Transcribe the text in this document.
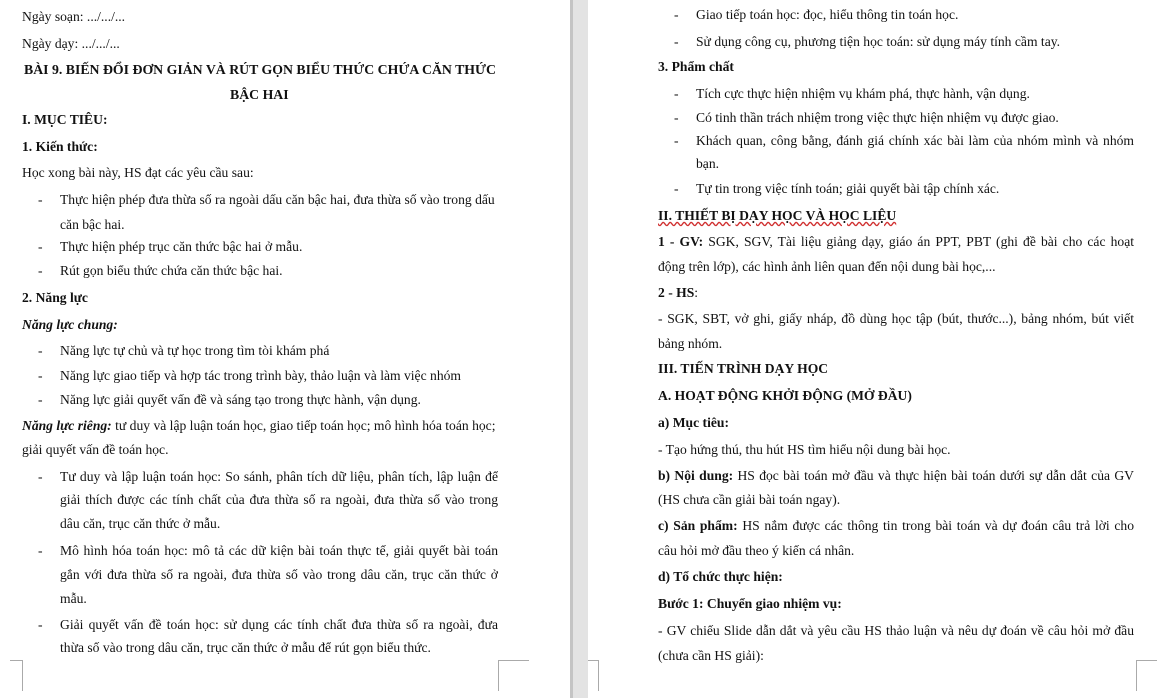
Ngày soạn: .../.../...
Ngày dạy: .../.../...
BÀI 9. BIẾN ĐỔI ĐƠN GIẢN VÀ RÚT GỌN BIỂU THỨC CHỨA CĂN THỨC
BẬC HAI
I. MỤC TIÊU:
1. Kiến thức:
Học xong bài này, HS đạt các yêu cầu sau:
- Thực hiện phép đưa thừa số ra ngoài dấu căn bậc hai, đưa thừa số vào trong dấu
căn bậc hai.
- Thực hiện phép trục căn thức bậc hai ở mẫu.
- Rút gọn biểu thức chứa căn thức bậc hai.
2. Năng lực
Năng lực chung:
- Năng lực tự chủ và tự học trong tìm tòi khám phá
- Năng lực giao tiếp và hợp tác trong trình bày, thảo luận và làm việc nhóm
- Năng lực giải quyết vấn đề và sáng tạo trong thực hành, vận dụng.
Năng lực riêng: tư duy và lập luận toán học, giao tiếp toán học; mô hình hóa toán học;
giải quyết vấn đề toán học.
- Tư duy và lập luận toán học: So sánh, phân tích dữ liệu, phân tích, lập luận để
giải thích được các tính chất của đưa thừa số ra ngoài, đưa thừa số vào trong
dâu căn, trục căn thức ở mẫu.
- Mô hình hóa toán học: mô tả các dữ kiện bài toán thực tế, giải quyết bài toán
gắn với đưa thừa số ra ngoài, đưa thừa số vào trong dâu căn, trục căn thức ở
mẫu.
- Giải quyết vấn đề toán học: sử dụng các tính chất đưa thừa số ra ngoài, đưa
thừa số vào trong dâu căn, trục căn thức ở mẫu để rút gọn biểu thức.
- Giao tiếp toán học: đọc, hiểu thông tin toán học.
- Sử dụng công cụ, phương tiện học toán: sử dụng máy tính cầm tay.
3. Phẩm chất
- Tích cực thực hiện nhiệm vụ khám phá, thực hành, vận dụng.
- Có tinh thần trách nhiệm trong việc thực hiện nhiệm vụ được giao.
- Khách quan, công bằng, đánh giá chính xác bài làm của nhóm mình và nhóm
bạn.
- Tự tin trong việc tính toán; giải quyết bài tập chính xác.
II. THIẾT BỊ DẠY HỌC VÀ HỌC LIỆU
1 - GV: SGK, SGV, Tài liệu giảng dạy, giáo án PPT, PBT (ghi đề bài cho các hoạt
động trên lớp), các hình ảnh liên quan đến nội dung bài học,...
2 - HS:
- SGK, SBT, vở ghi, giấy nháp, đồ dùng học tập (bút, thước...), bảng nhóm, bút viết
bảng nhóm.
III. TIẾN TRÌNH DẠY HỌC
A. HOẠT ĐỘNG KHỞI ĐỘNG (MỞ ĐẦU)
a) Mục tiêu:
- Tạo hứng thú, thu hút HS tìm hiểu nội dung bài học.
b) Nội dung: HS đọc bài toán mở đầu và thực hiện bài toán dưới sự dẫn dắt của GV
(HS chưa cần giải bài toán ngay).
c) Sản phẩm: HS nắm được các thông tin trong bài toán và dự đoán câu trả lời cho
câu hỏi mở đầu theo ý kiến cá nhân.
d) Tổ chức thực hiện:
Bước 1: Chuyển giao nhiệm vụ:
- GV chiếu Slide dẫn dắt và yêu cầu HS thảo luận và nêu dự đoán về câu hỏi mở đầu
(chưa cần HS giải):
